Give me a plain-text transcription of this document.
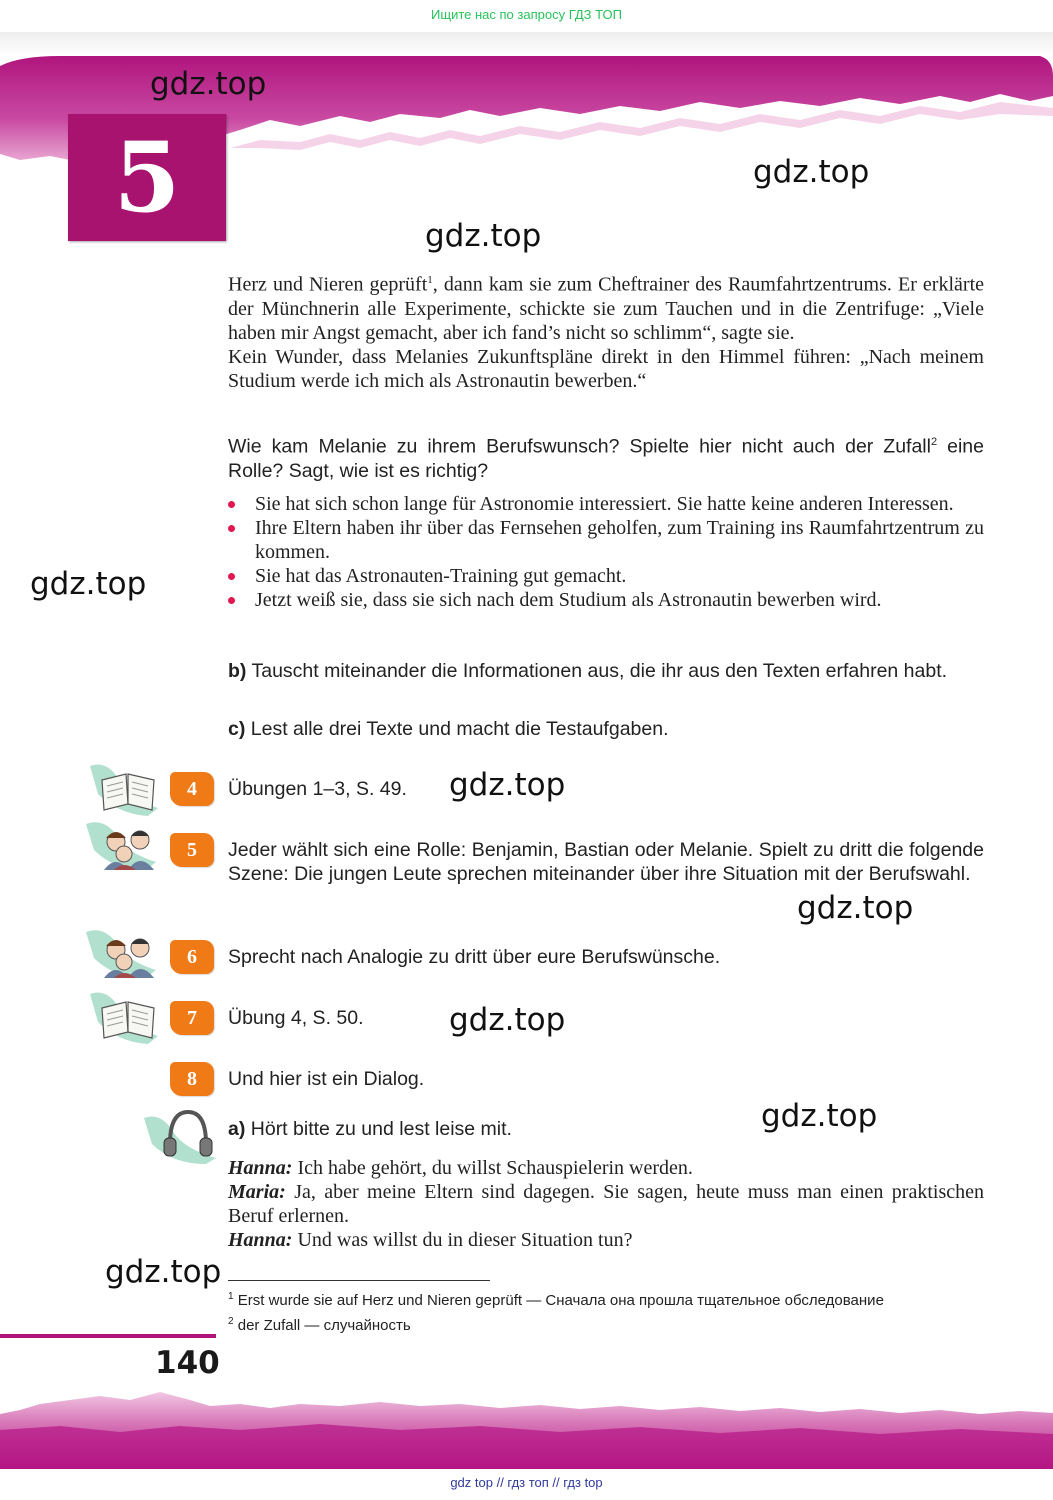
Ищите нас по запросу ГДЗ ТОП
5
gdz.top
gdz.top
gdz.top
gdz.top
gdz.top
gdz.top
gdz.top
gdz.top
gdz.top
Herz und Nieren geprüft$^1$, dann kam sie zum Cheftrainer des Raumfahrtzentrums. Er erklärte der Münchnerin alle Experimente, schickte sie zum Tauchen und in die Zentrifuge: „Viele haben mir Angst gemacht, aber ich fand’s nicht so schlimm“, sagte sie.
Kein Wunder, dass Melanies Zukunftspläne direkt in den Himmel führen: „Nach meinem Studium werde ich mich als Astronautin bewerben.“
Wie kam Melanie zu ihrem Berufswunsch? Spielte hier nicht auch der Zufall$^2$ eine Rolle? Sagt, wie ist es richtig?
Sie hat sich schon lange für Astronomie interessiert. Sie hatte keine anderen Interessen.
Ihre Eltern haben ihr über das Fernsehen geholfen, zum Training ins Raumfahrtzentrum zu kommen.
Sie hat das Astronauten-Training gut gemacht.
Jetzt weiß sie, dass sie sich nach dem Studium als Astronautin bewerben wird.
b) Tauscht miteinander die Informationen aus, die ihr aus den Texten erfahren habt.
c) Lest alle drei Texte und macht die Testaufgaben.
4
5
6
7
8
Übungen 1–3, S. 49.
Jeder wählt sich eine Rolle: Benjamin, Bastian oder Melanie. Spielt zu dritt die folgende Szene: Die jungen Leute sprechen miteinander über ihre Situation mit der Berufswahl.
Sprecht nach Analogie zu dritt über eure Berufswünsche.
Übung 4, S. 50.
Und hier ist ein Dialog.
a) Hört bitte zu und lest leise mit.
Hanna: Ich habe gehört, du willst Schauspielerin werden.
Maria: Ja, aber meine Eltern sind dagegen. Sie sagen, heute muss man einen praktischen Beruf erlernen.
Hanna: Und was willst du in dieser Situation tun?
$^1$ Erst wurde sie auf Herz und Nieren geprüft — Сначала она прошла тщательное обследование
$^2$ der Zufall — случайность
140
gdz top // гдз топ // гдз top
